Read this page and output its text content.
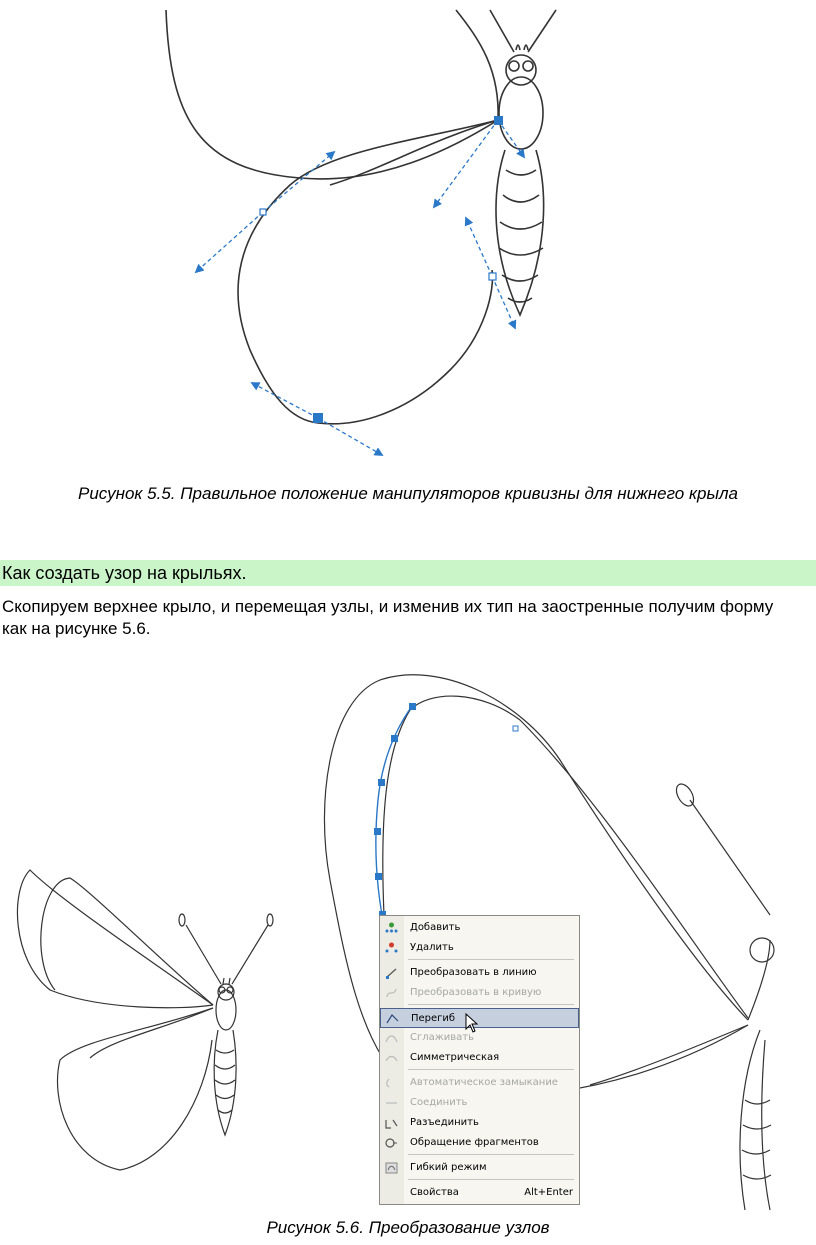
Рисунок 5.5. Правильное положение манипуляторов кривизны для нижнего крыла
Как создать узор на крыльях.
Скопируем верхнее крыло, и перемещая узлы, и изменив их тип на заостренные получим форму как на рисунке 5.6.
Добавить
Удалить
Преобразовать в линию
Преобразовать в кривую
Перегиб
Сглаживать
Симметрическая
Автоматическое замыкание
Соединить
Разъединить
Обращение фрагментов
Гибкий режим
Свойства	Alt+Enter
Рисунок 5.6. Преобразование узлов
